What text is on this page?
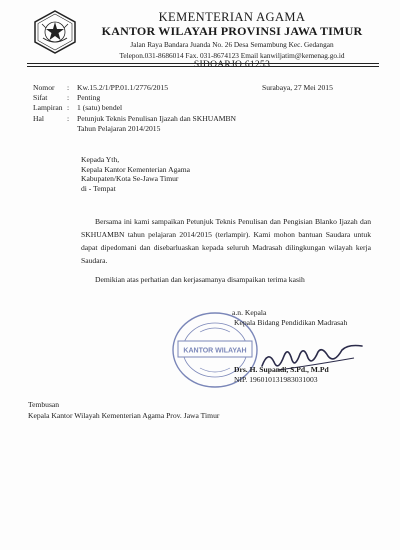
KEMENTERIAN AGAMA
KANTOR WILAYAH PROVINSI JAWA TIMUR
Jalan Raya Bandara Juanda No. 26 Desa Semambung Kec. Gedangan
Telepon.031-8686014 Fax. 031-8674123 Email kanwiljatim@kemenag.go.id
SIDOARJO 61253
Nomor	:	Kw.15.2/1/PP.01.1/2776/2015
Sifat	:	Penting
Lampiran :	1 (satu) bendel
Hal	:	Petunjuk Teknis Penulisan Ijazah dan SKHUAMBN
Tahun Pelajaran 2014/2015
Surabaya, 27 Mei 2015
Kepada Yth,
Kepala Kantor Kementerian Agama
Kabupaten/Kota Se-Jawa Timur
di - Tempat

Bersama ini kami sampaikan Petunjuk Teknis Penulisan dan Pengisian Blanko Ijazah dan SKHUAMBN tahun pelajaran 2014/2015 (terlampir). Kami mohon bantuan Saudara untuk dapat dipedomani dan disebarluaskan kepada seluruh Madrasah dilingkungan wilayah kerja Saudara.

Demikian atas perhatian dan kerjasamanya disampaikan terima kasih

KANTOR WILAYAH
a.n. Kepala
Kepala Bidang Pendidikan Madrasah
Drs. H. Supandi, S.Pd., M.Pd
NIP. 196010131983031003
Tembusan
Kepala Kantor Wilayah Kementerian Agama Prov. Jawa Timur
